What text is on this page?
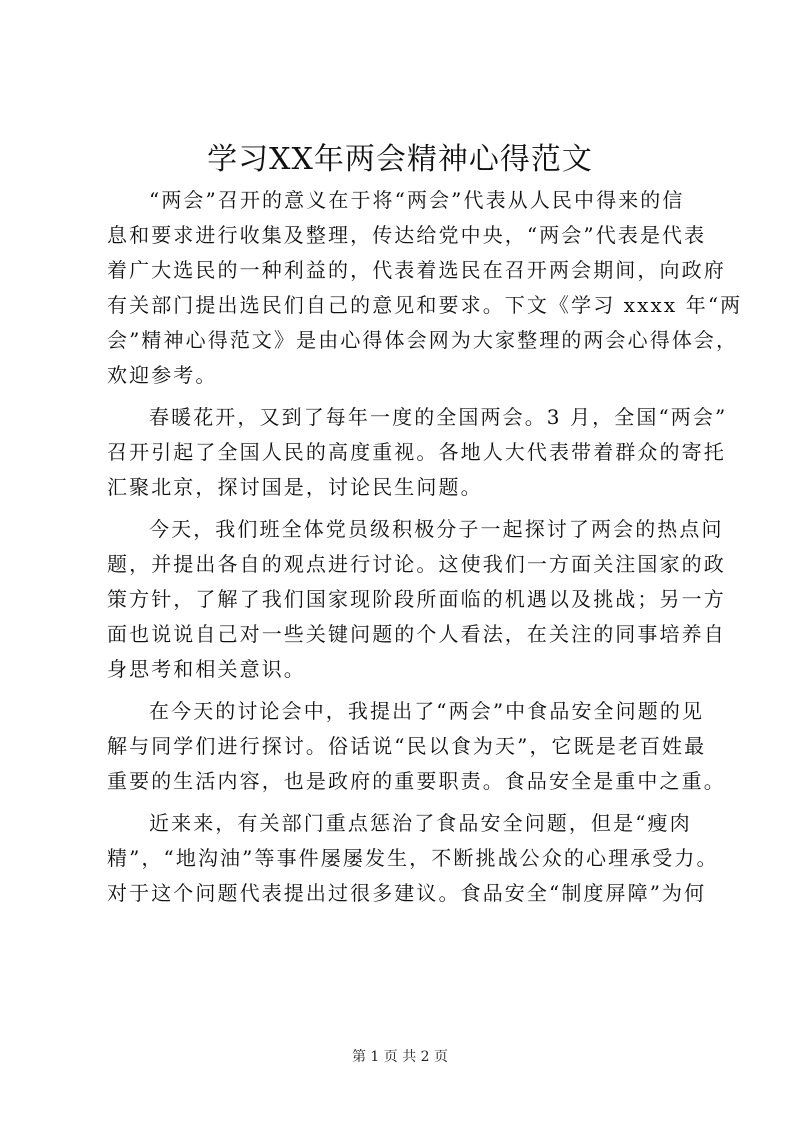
学习XX年两会精神心得范文
“两会”召开的意义在于将“两会”代表从人民中得来的信
息和要求进行收集及整理，传达给党中央，“两会”代表是代表
着广大选民的一种利益的，代表着选民在召开两会期间，向政府
有关部门提出选民们自己的意见和要求。下文《学习 xxxx 年“两
会”精神心得范文》是由心得体会网为大家整理的两会心得体会，
欢迎参考。
春暖花开，又到了每年一度的全国两会。3 月，全国“两会”
召开引起了全国人民的高度重视。各地人大代表带着群众的寄托
汇聚北京，探讨国是，讨论民生问题。
今天，我们班全体党员级积极分子一起探讨了两会的热点问
题，并提出各自的观点进行讨论。这使我们一方面关注国家的政
策方针，了解了我们国家现阶段所面临的机遇以及挑战；另一方
面也说说自己对一些关键问题的个人看法，在关注的同事培养自
身思考和相关意识。
在今天的讨论会中，我提出了“两会”中食品安全问题的见
解与同学们进行探讨。俗话说“民以食为天”，它既是老百姓最
重要的生活内容，也是政府的重要职责。食品安全是重中之重。
近来来，有关部门重点惩治了食品安全问题，但是“瘦肉
精”，“地沟油”等事件屡屡发生，不断挑战公众的心理承受力。
对于这个问题代表提出过很多建议。食品安全“制度屏障”为何
第 1 页 共 2 页
